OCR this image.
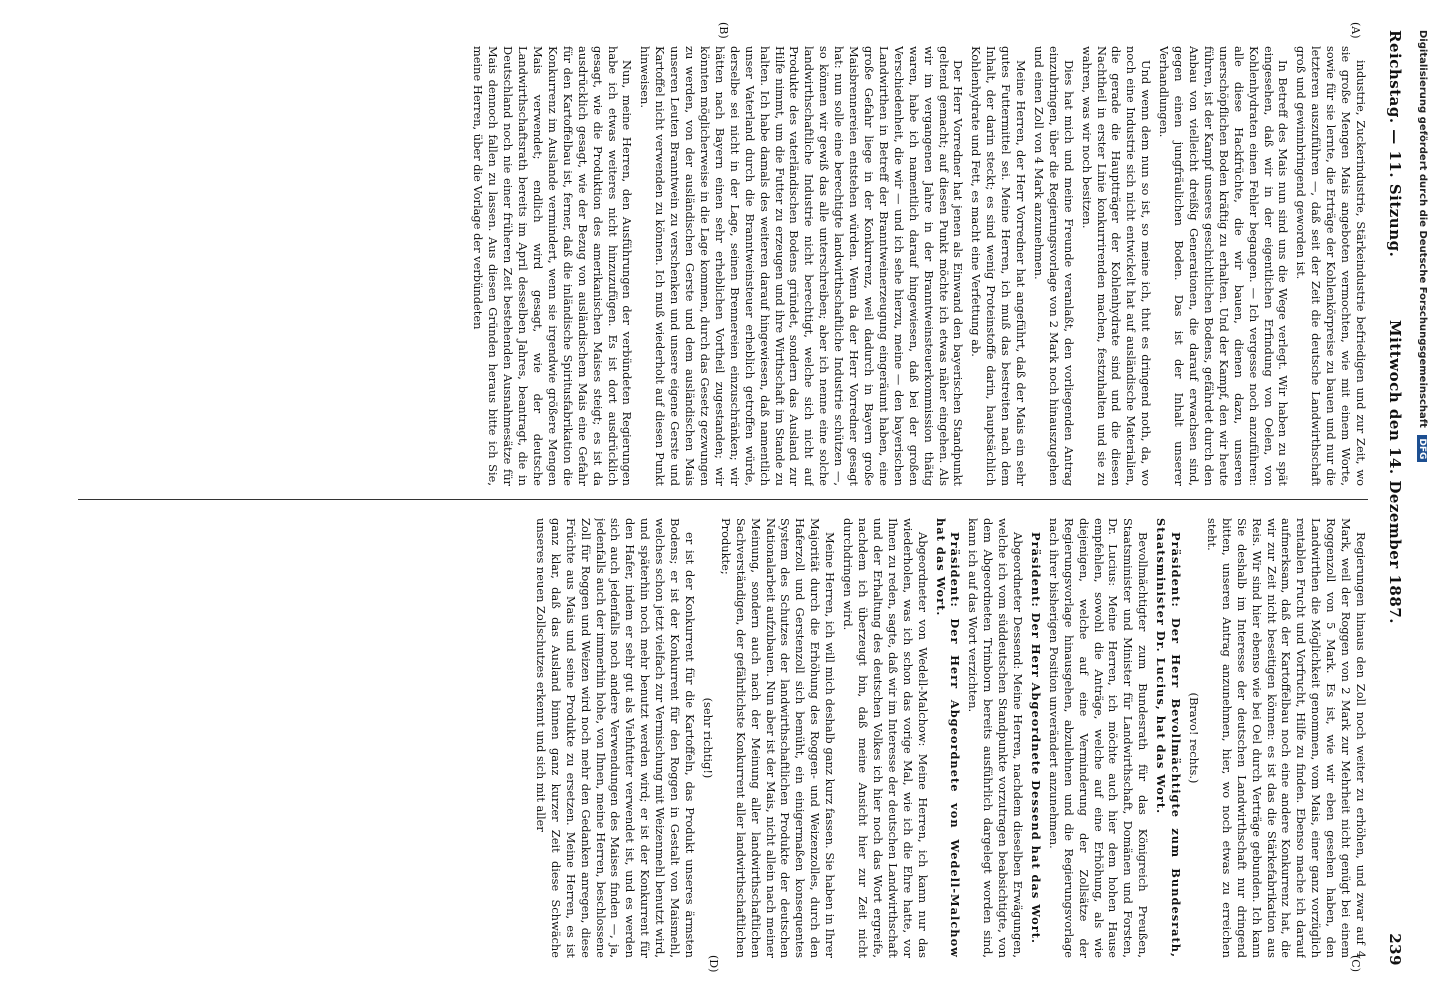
Reichstag. — 11. Sitzung.
Mittwoch den 14. Dezember 1887.
239
(A)
(B)
(C)
(D)

industrie, Zuckerindustrie, Stärkeindustrie befriedigen und zur Zeit, wo sie große Mengen Mais angeboten vermochten, wie mit einem Worte, sowie für sie lernte, die Erträge der Kohlenkörpreise zu bauen und nur die letzteren auszuführen —, daß seit der Zeit die deutsche Landwirthschaft groß und gewinnbringend geworden ist.

In Betreff des Mais nun sind uns die Wege verlegt. Wir haben zu spät eingesehen, daß wir in der eigentlichen Erfindung von Oelen, von Kohlenhydraten einen Fehler begangen. — Ich vergesse noch anzuführen: alle diese Hackfrüchte, die wir bauen, dienen dazu, unseren unerschöpflichen Boden kräftig zu erhalten. Und der Kampf, den wir heute führen, ist der Kampf unseres geschichtlichen Bodens, gefährdet durch den Anbau von vielleicht dreißig Generationen, die darauf erwachsen sind, gegen einen jungfräulichen Boden. Das ist der Inhalt unserer Verhandlungen.

Und wenn dem nun so ist, so meine ich, thut es dringend noth, da, wo noch eine Industrie sich nicht entwickelt hat auf ausländische Materialien, die gerade die Hauptträger der Kohlenhydrate sind und die diesen Nachtheil in erster Linie konkurrirenden machen, festzuhalten und sie zu wahren, was wir noch besitzen.

Dies hat mich und meine Freunde veranlaßt, den vorliegenden Antrag einzubringen, über die Regierungsvorlage von 2 Mark noch hinauszugehen und einen Zoll von 4 Mark anzunehmen.

Meine Herren, der Herr Vorredner hat angeführt, daß der Mais ein sehr gutes Futtermittel sei. Meine Herren, ich muß das bestreiten nach dem Inhalt, der darin steckt; es sind wenig Proteinstoffe darin, hauptsächlich Kohlenhydrate und Fett, es macht eine Verfettung ab.

Der Herr Vorredner hat jenen als Einwand den bayerischen Standpunkt geltend gemacht; auf diesen Punkt möchte ich etwas näher eingehen. Als wir im vergangenen Jahre in der Branntweinsteuerkommission thätig waren, habe ich namentlich darauf hingewiesen, daß bei der großen Verschiedenheit, die wir — und ich sehe hierzu, meine — den bayerischen Landwirthen in Betreff der Branntweinerzeugung eingeräumt haben, eine große Gefahr liege in der Konkurrenz, weil dadurch in Bayern große Maisbrennereien entstehen würden. Wenn da der Herr Vorredner gesagt hat: nun solle eine berechtigte landwirthschaftliche Industrie schützen —, so können wir gewiß das alle unterschreiben; aber ich nenne eine solche landwirthschaftliche Industrie nicht berechtigt, welche sich nicht auf Produkte des vaterländischen Bodens gründet, sondern das Ausland zur Hilfe nimmt, um die Futter zu erzeugen und ihre Wirthschaft im Stande zu halten. Ich habe damals des weiteren darauf hingewiesen, daß namentlich unser Vaterland durch die Branntweinsteuer erheblich getroffen würde, derselbe sei nicht in der Lage, seinen Brennereien einzuschränken; wir hätten nach Bayern einen sehr erheblichen Vortheil zugestanden; wir könnten möglicherweise in die Lage kommen, durch das Gesetz gezwungen zu werden, von der ausländischen Gerste und dem ausländischen Mais unseren Leuten Branntwein zu verschenken und unsere eigene Gerste und Kartoffel nicht verwenden zu können. Ich muß wiederholt auf diesen Punkt hinweisen.

Nun, meine Herren, den Ausführungen der verbündeten Regierungen habe ich etwas weiteres nicht hinzuzufügen. Es ist dort ausdrücklich gesagt, wie die Produktion des amerikanischen Maises steigt; es ist da ausdrücklich gesagt, wie der Bezug von ausländischem Mais eine Gefahr für den Kartoffelbau ist, ferner, daß die inländische Spiritusfabrikation die Konkurrenz im Auslande vermindert, wenn sie irgendwie größere Mengen Mais verwendet; endlich wird gesagt, wie der deutsche Landwirthschaftsrath bereits im April desselben Jahres, beantragt, die in Deutschland noch nie einer früheren Zeit bestehenden Ausnahmesätze für Mais dennoch fallen zu lassen. Aus diesen Gründen heraus bitte ich Sie, meine Herren, über die Vorlage der verbündeten

Regierungen hinaus den Zoll noch weiter zu erhöhen, und zwar auf 4 Mark, weil der Roggen von 2 Mark zur Mehrheit nicht genügt bei einem Roggenzoll von 5 Mark. Es ist, wie wir eben gesehen haben, den Landwirthen die Möglichkeit genommen, vom Mais, einer ganz vorzüglich rentablen Frucht und Vorfrucht, Hilfe zu finden. Ebenso mache ich darauf aufmerksam, daß der Kartoffelbau noch eine andere Konkurrenz hat, die wir zur Zeit nicht beseitigen können: es ist das die Stärkefabrikation aus Reis. Wir sind hier ebenso wie bei Oel durch Verträge gebunden. Ich kann Sie deshalb im Interesse der deutschen Landwirthschaft nur dringend bitten, unseren Antrag anzunehmen, hier, wo noch etwas zu erreichen steht.

(Bravo! rechts.)

Präsident: Der Herr Bevollmächtigte zum Bundesrath, Staatsminister Dr. Lucius, hat das Wort.

Bevollmächtigter zum Bundesrath für das Königreich Preußen, Staatsminister und Minister für Landwirthschaft, Domänen und Forsten, Dr. Lucius: Meine Herren, ich möchte auch hier dem hohen Hause empfehlen, sowohl die Anträge, welche auf eine Erhöhung, als wie diejenigen, welche auf eine Verminderung der Zollsätze der Regierungsvorlage hinausgehen, abzulehnen und die Regierungsvorlage nach ihrer bisherigen Position unverändert anzunehmen.

Präsident: Der Herr Abgeordnete Dessend hat das Wort.

Abgeordneter Dessend: Meine Herren, nachdem dieselben Erwägungen, welche ich vom süddeutschen Standpunkte vorzutragen beabsichtigte, von dem Abgeordneten Trimborn bereits ausführlich dargelegt worden sind, kann ich auf das Wort verzichten.

Präsident: Der Herr Abgeordnete von Wedell-Malchow hat das Wort.

Abgeordneter von Wedell-Malchow: Meine Herren, ich kann nur das wiederholen, was ich schon das vorige Mal, wie ich die Ehre hatte, vor Ihnen zu reden, sagte, daß wir im Interesse der deutschen Landwirthschaft und der Erhaltung des deutschen Volkes ich hier noch das Wort ergreife, nachdem ich überzeugt bin, daß meine Ansicht hier zur Zeit nicht durchdringen wird.

Meine Herren, ich will mich deshalb ganz kurz fassen. Sie haben in Ihrer Majorität durch die Erhöhung des Roggen- und Weizenzolles, durch den Haferzoll und Gerstenzoll sich bemüht, ein einigermaßen konsequentes System des Schutzes der landwirthschaftlichen Produkte der deutschen Nationalarbeit aufzubauen. Nun aber ist der Mais, nicht allein nach meiner Meinung, sondern auch nach der Meinung aller landwirthschaftlichen Sachverständigen, der gefährlichste Konkurrent aller landwirthschaftlichen Produkte;

(sehr richtig!)

er ist der Konkurrent für die Kartoffeln, das Produkt unseres ärmsten Bodens; er ist der Konkurrent für den Roggen in Gestalt von Maismehl, welches schon jetzt vielfach zur Vermischung mit Weizenmehl benutzt wird, und späterhin noch mehr benutzt werden wird; er ist der Konkurrent für den Hafer, indem er sehr gut als Viehfutter verwendet ist, und es werden sich auch jedenfalls noch andere Verwendungen des Maises finden —, ja, jedenfalls auch der immerhin hohe, von Ihnen, meine Herren, beschlossene Zoll für Roggen und Weizen wird noch mehr den Gedanken anregen, diese Früchte aus Mais und seine Produkte zu ersetzen. Meine Herren, es ist ganz klar, daß das Ausland binnen ganz kurzer Zeit diese Schwäche unseres neuen Zollschutzes erkennt und sich mit aller

Digitalisierung gefördert durch die Deutsche Forschungsgemeinschaft DFG
